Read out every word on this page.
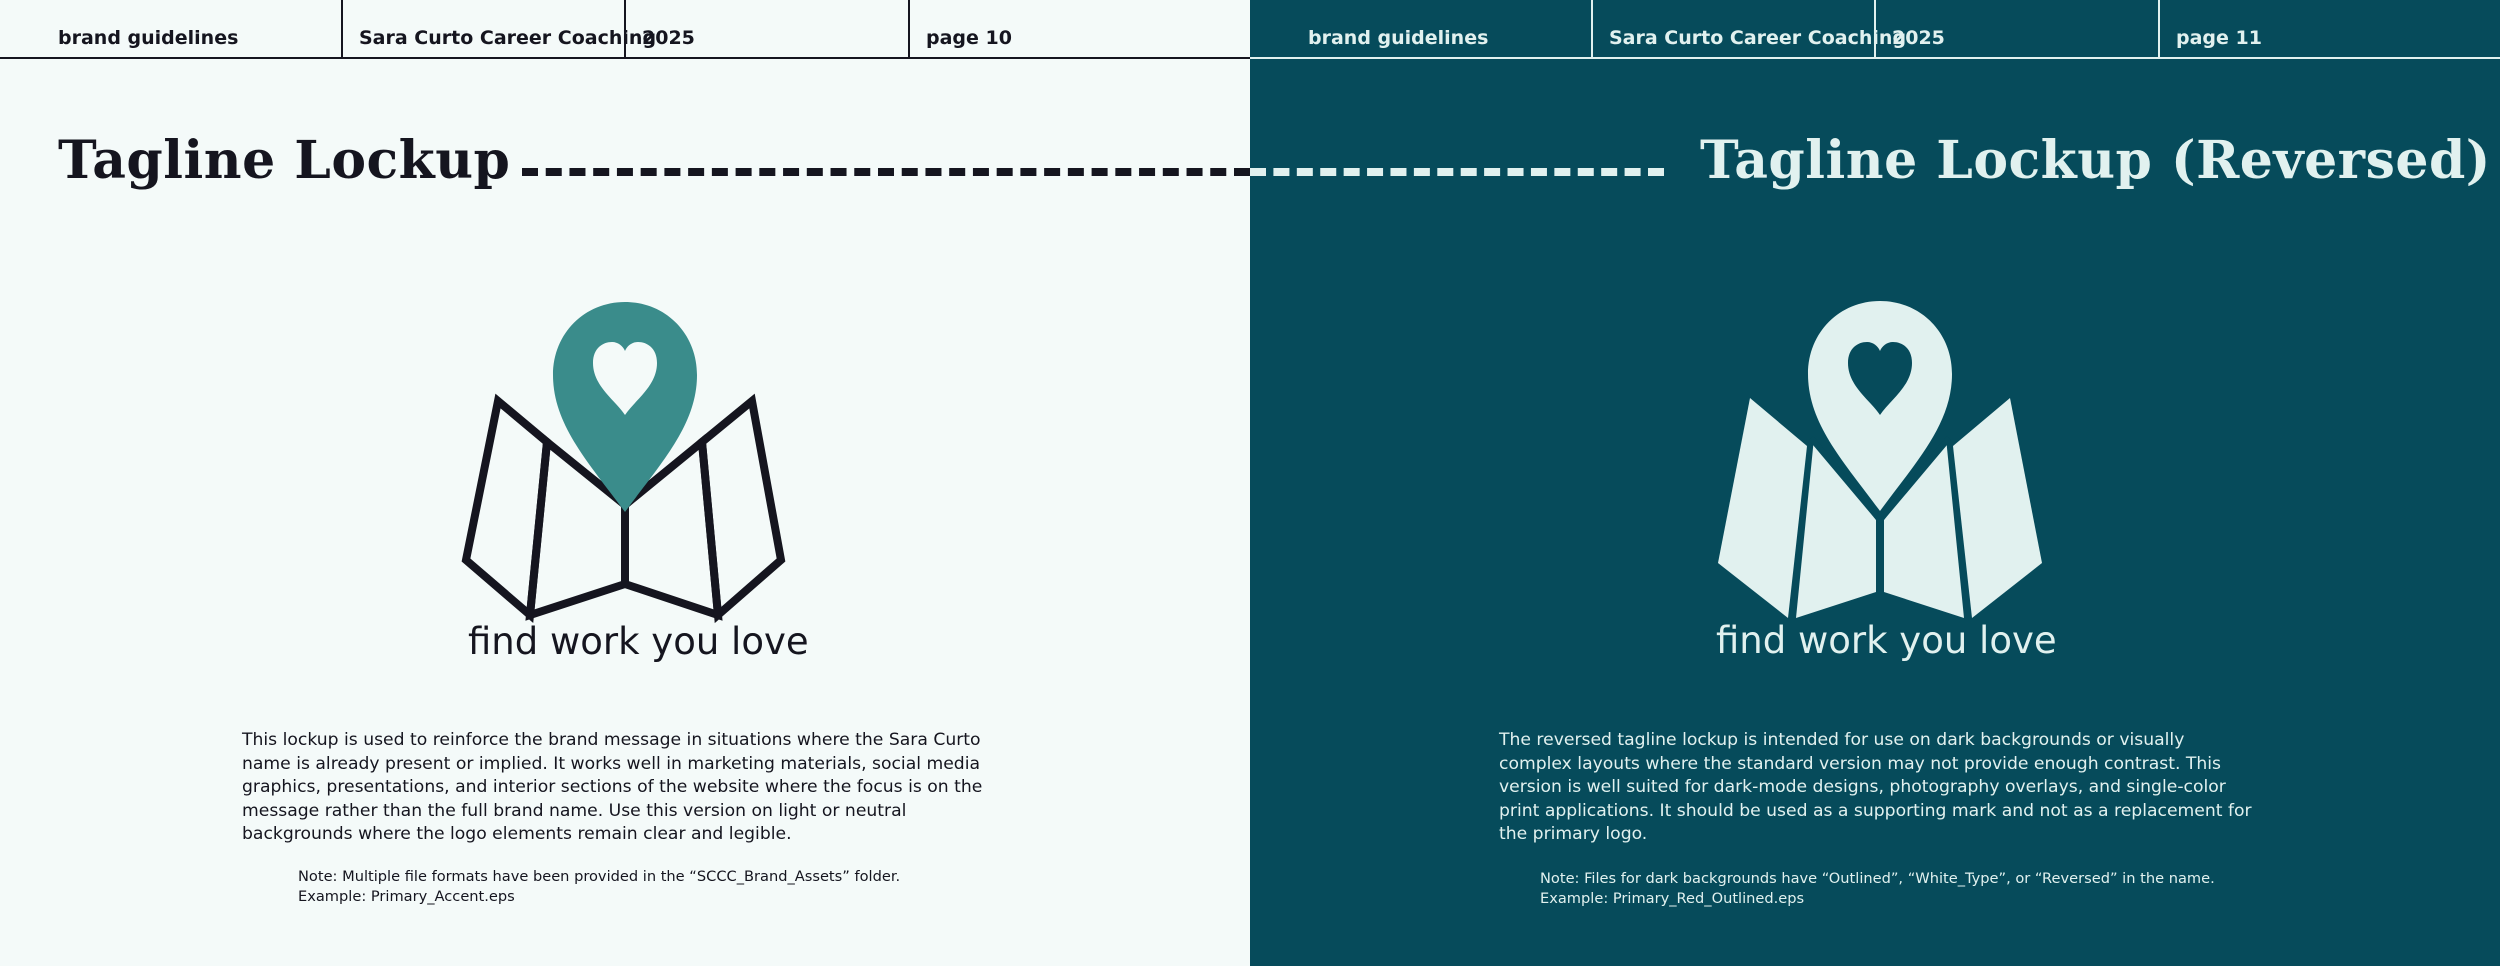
brand guidelines	Sara Curto Career Coaching
2025	page 10
Tagline Lockup
find work you love

This lockup is used to reinforce the brand message in situations where the Sara Curto name is already present or implied. It works well in marketing materials, social media graphics, presentations, and interior sections of the website where the focus is on the message rather than the full brand name. Use this version on light or neutral backgrounds where the logo elements remain clear and legible.

Note: Multiple file formats have been provided in the “SCCC_Brand_Assets” folder.
Example: Primary_Accent.eps
brand guidelines	Sara Curto Career Coaching
2025	page 11
Tagline Lockup (Reversed)
find work you love

The reversed tagline lockup is intended for use on dark backgrounds or visually complex layouts where the standard version may not provide enough contrast. This version is well suited for dark-mode designs, photography overlays, and single-color print applications. It should be used as a supporting mark and not as a replacement for the primary logo.

Note: Files for dark backgrounds have “Outlined”, “White_Type”, or “Reversed” in the name.
Example: Primary_Red_Outlined.eps
